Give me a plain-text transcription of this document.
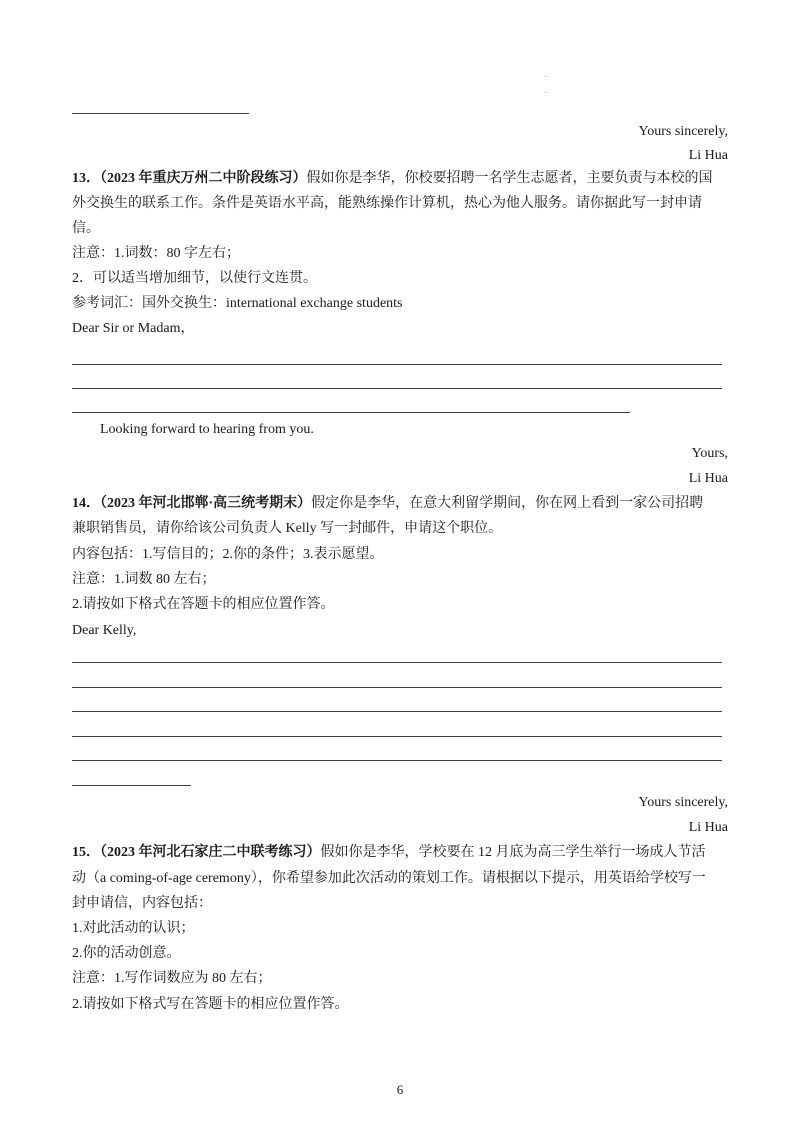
Yours sincerely,
Li Hua
13．（2023 年重庆万州二中阶段练习）假如你是李华，你校要招聘一名学生志愿者，主要负责与本校的国
外交换生的联系工作。条件是英语水平高，能熟练操作计算机，热心为他人服务。请你据此写一封申请
信。
注意：1.词数：80 字左右；
2．可以适当增加细节，以使行文连贯。
参考词汇：国外交换生：international exchange students
Dear Sir or Madam，
Looking forward to hearing from you.
Yours,
Li Hua
14．（2023 年河北邯郸·高三统考期末）假定你是李华，在意大利留学期间，你在网上看到一家公司招聘
兼职销售员，请你给该公司负责人 Kelly 写一封邮件，申请这个职位。
内容包括：1.写信目的；2.你的条件；3.表示愿望。
注意：1.词数 80 左右；
2.请按如下格式在答题卡的相应位置作答。
Dear Kelly,
Yours sincerely,
Li Hua
15．（2023 年河北石家庄二中联考练习）假如你是李华，学校要在 12 月底为高三学生举行一场成人节活
动（a coming-of-age ceremony），你希望参加此次活动的策划工作。请根据以下提示，用英语给学校写一
封申请信，内容包括：
1.对此活动的认识；
2.你的活动创意。
注意：1.写作词数应为 80 左右；
2.请按如下格式写在答题卡的相应位置作答。
6
